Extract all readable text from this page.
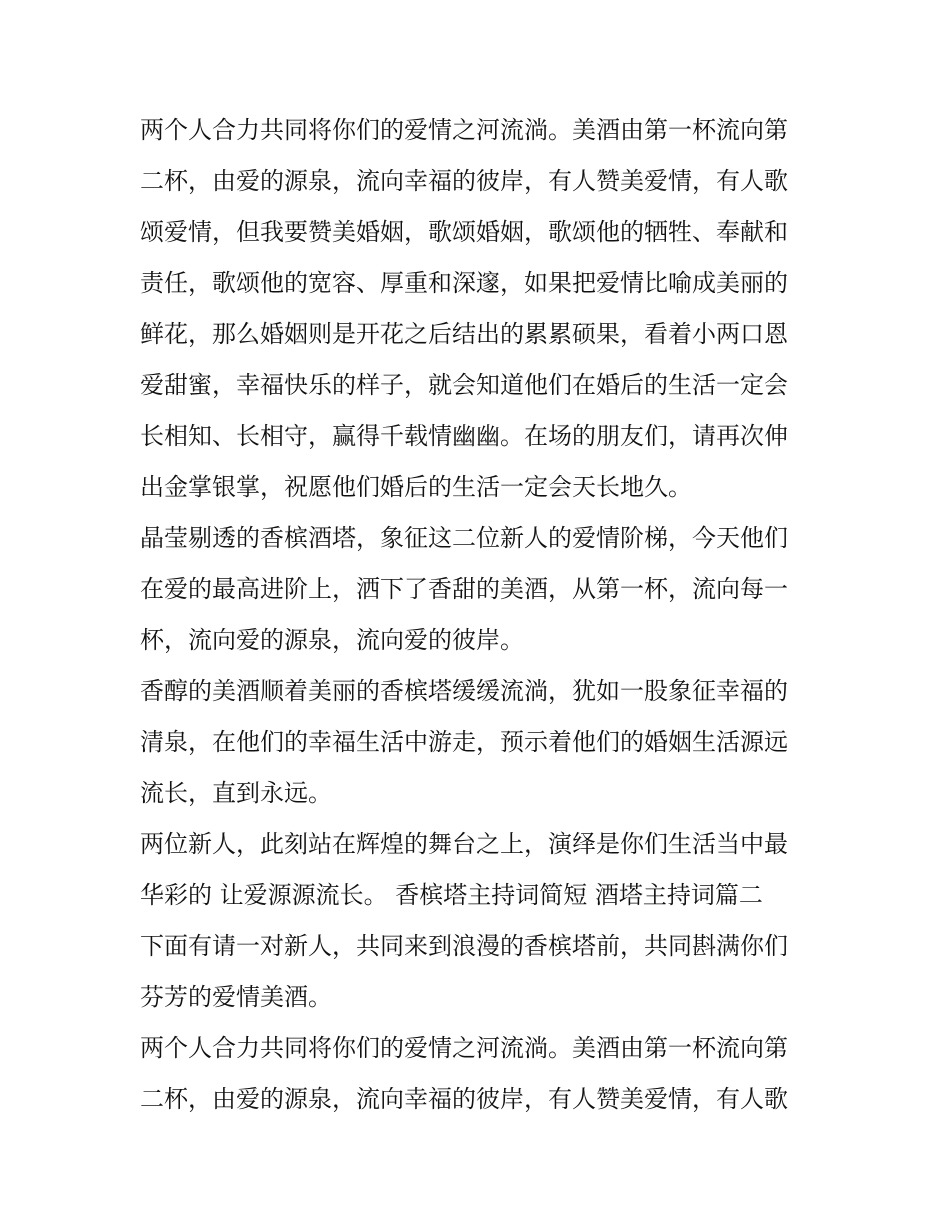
两个人合力共同将你们的爱情之河流淌。美酒由第一杯流向第
二杯，由爱的源泉，流向幸福的彼岸，有人赞美爱情，有人歌
颂爱情，但我要赞美婚姻，歌颂婚姻，歌颂他的牺牲、奉献和
责任，歌颂他的宽容、厚重和深邃，如果把爱情比喻成美丽的
鲜花，那么婚姻则是开花之后结出的累累硕果，看着小两口恩
爱甜蜜，幸福快乐的样子，就会知道他们在婚后的生活一定会
长相知、长相守，赢得千载情幽幽。在场的朋友们，请再次伸
出金掌银掌，祝愿他们婚后的生活一定会天长地久。

晶莹剔透的香槟酒塔，象征这二位新人的爱情阶梯，今天他们
在爱的最高进阶上，洒下了香甜的美酒，从第一杯，流向每一
杯，流向爱的源泉，流向爱的彼岸。

香醇的美酒顺着美丽的香槟塔缓缓流淌，犹如一股象征幸福的
清泉，在他们的幸福生活中游走，预示着他们的婚姻生活源远
流长，直到永远。

两位新人，此刻站在辉煌的舞台之上，演绎是你们生活当中最
华彩的 让爱源源流长。 香槟塔主持词简短 酒塔主持词篇二

下面有请一对新人，共同来到浪漫的香槟塔前，共同斟满你们
芬芳的爱情美酒。

两个人合力共同将你们的爱情之河流淌。美酒由第一杯流向第
二杯，由爱的源泉，流向幸福的彼岸，有人赞美爱情，有人歌
